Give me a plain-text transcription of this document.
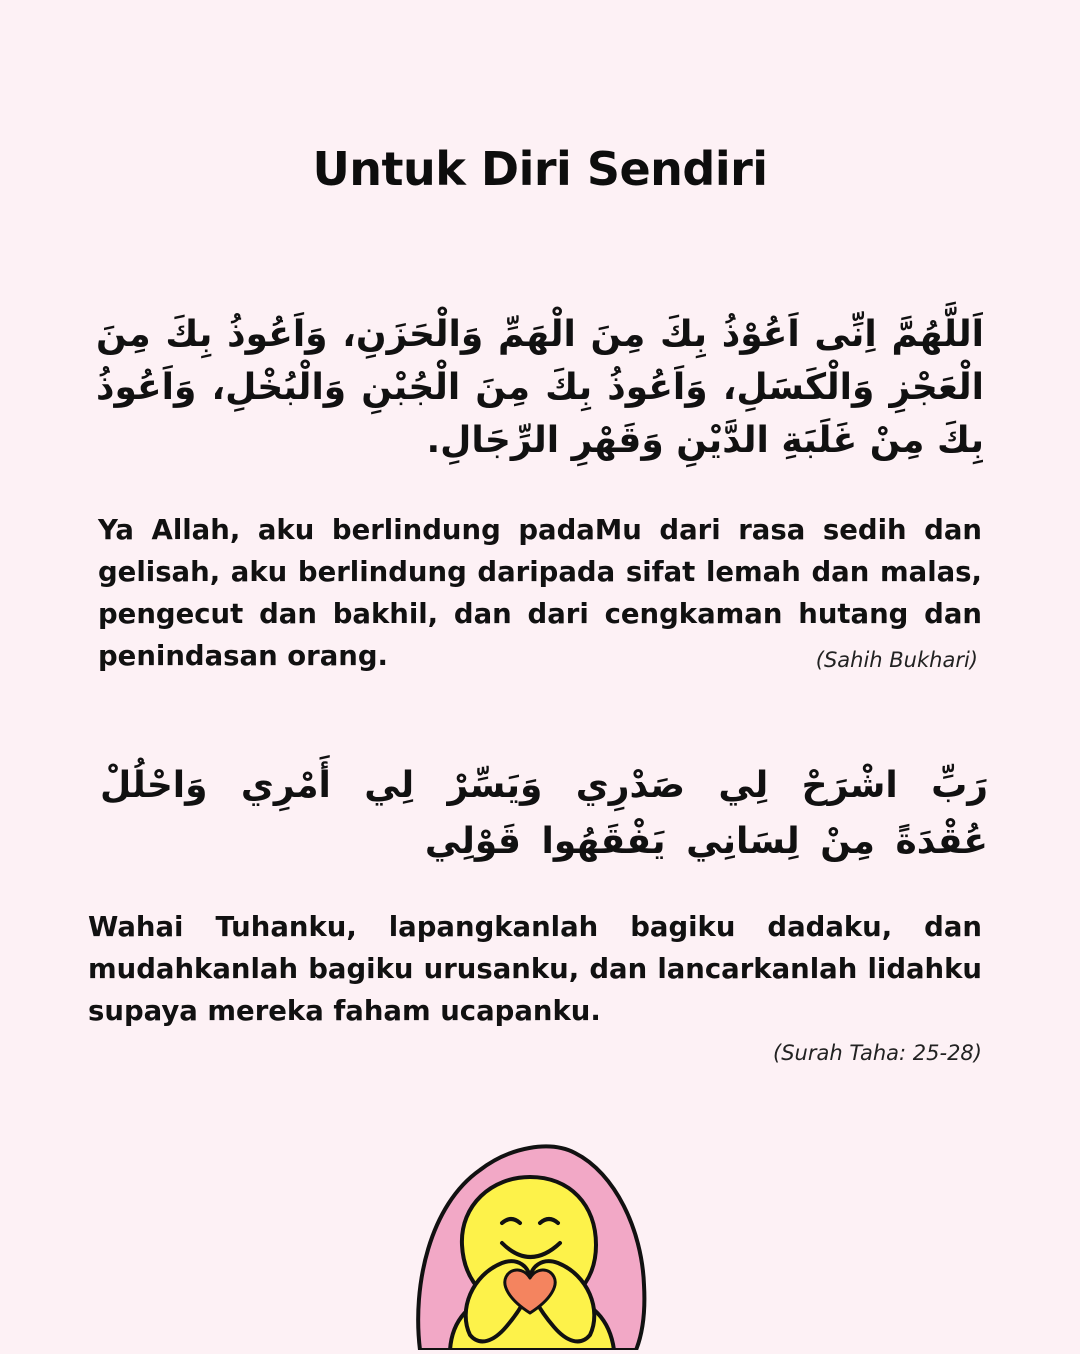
Untuk Diri Sendiri

اَللَّهُمَّ اِنِّى اَعُوْذُ بِكَ مِنَ الْهَمِّ وَالْحَزَنِ، وَاَعُوذُ بِكَ مِنَ الْعَجْزِ وَالْكَسَلِ، وَاَعُوذُ بِكَ مِنَ الْجُبْنِ وَالْبُخْلِ، وَاَعُوذُ بِكَ مِنْ غَلَبَةِ الدَّيْنِ وَقَهْرِ الرِّجَالِ.

Ya Allah, aku berlindung padaMu dari rasa sedih dan gelisah, aku berlindung daripada sifat lemah dan malas, pengecut dan bakhil, dan dari cengkaman hutang dan penindasan orang.	(Sahih Bukhari)

رَبِّ اشْرَحْ لِي صَدْرِي وَيَسِّرْ لِي أَمْرِي وَاحْلُلْ عُقْدَةً مِنْ لِسَانِي يَفْقَهُوا قَوْلِي

Wahai Tuhanku, lapangkanlah bagiku dadaku, dan mudahkanlah bagiku urusanku, dan lancarkanlah lidahku supaya mereka faham ucapanku.

(Surah Taha: 25-28)
